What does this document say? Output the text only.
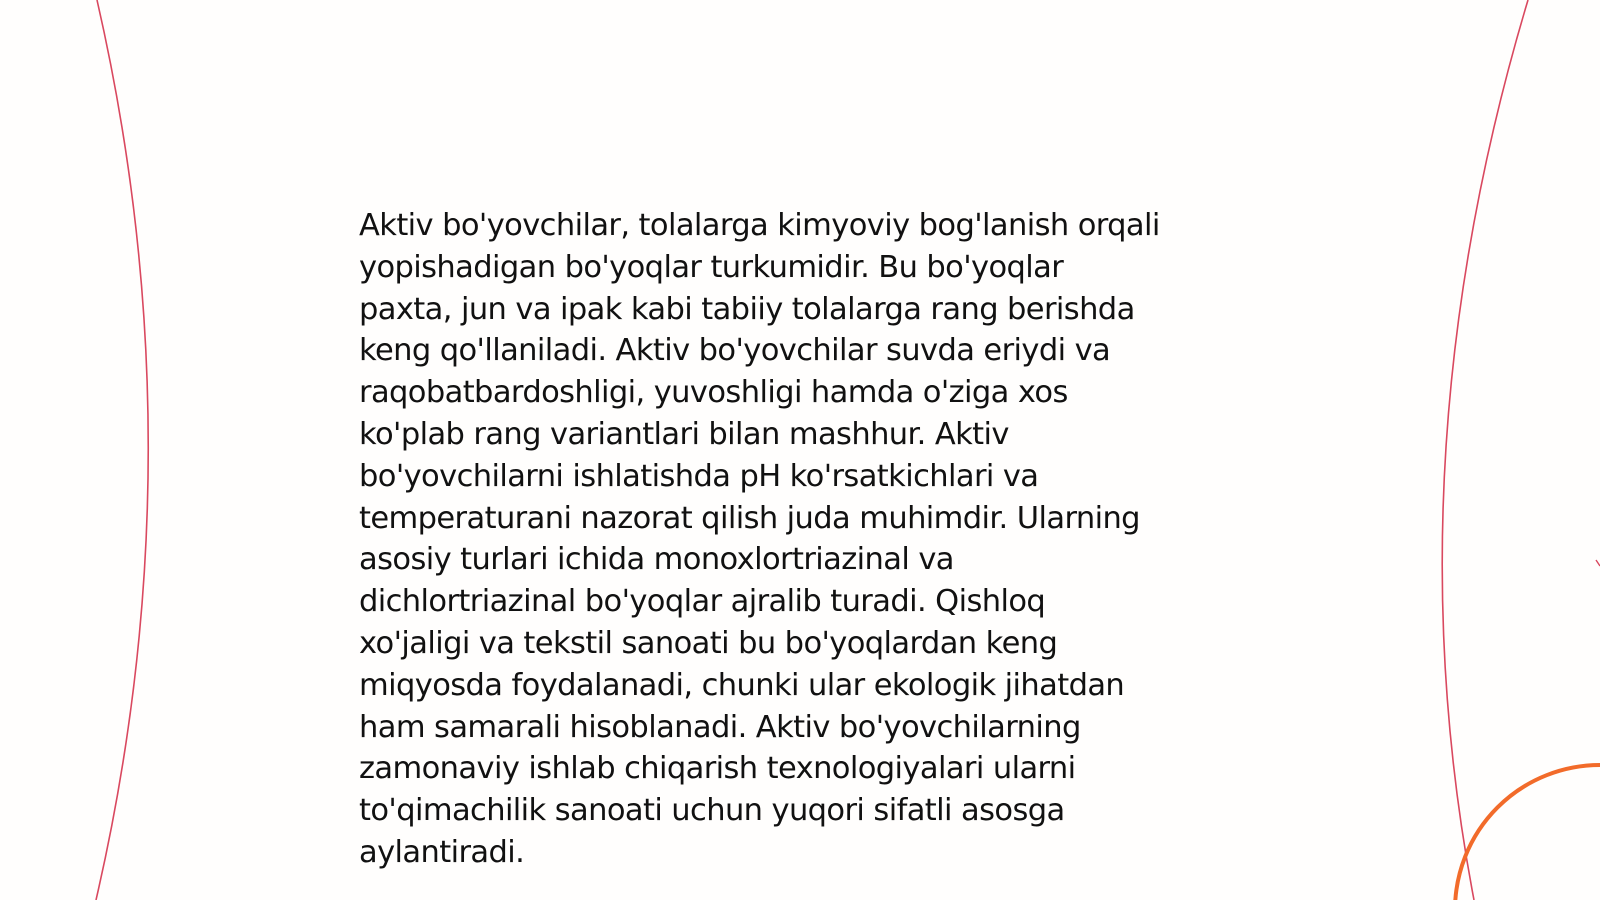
Aktiv bo'yovchilar, tolalarga kimyoviy bog'lanish orqali
yopishadigan bo'yoqlar turkumidir. Bu bo'yoqlar
paxta, jun va ipak kabi tabiiy tolalarga rang berishda
keng qo'llaniladi. Aktiv bo'yovchilar suvda eriydi va
raqobatbardoshligi, yuvoshligi hamda o'ziga xos
ko'plab rang variantlari bilan mashhur. Aktiv
bo'yovchilarni ishlatishda pH ko'rsatkichlari va
temperaturani nazorat qilish juda muhimdir. Ularning
asosiy turlari ichida monoxlortriazinal va
dichlortriazinal bo'yoqlar ajralib turadi. Qishloq
xo'jaligi va tekstil sanoati bu bo'yoqlardan keng
miqyosda foydalanadi, chunki ular ekologik jihatdan
ham samarali hisoblanadi. Aktiv bo'yovchilarning
zamonaviy ishlab chiqarish texnologiyalari ularni
to'qimachilik sanoati uchun yuqori sifatli asosga
aylantiradi.
